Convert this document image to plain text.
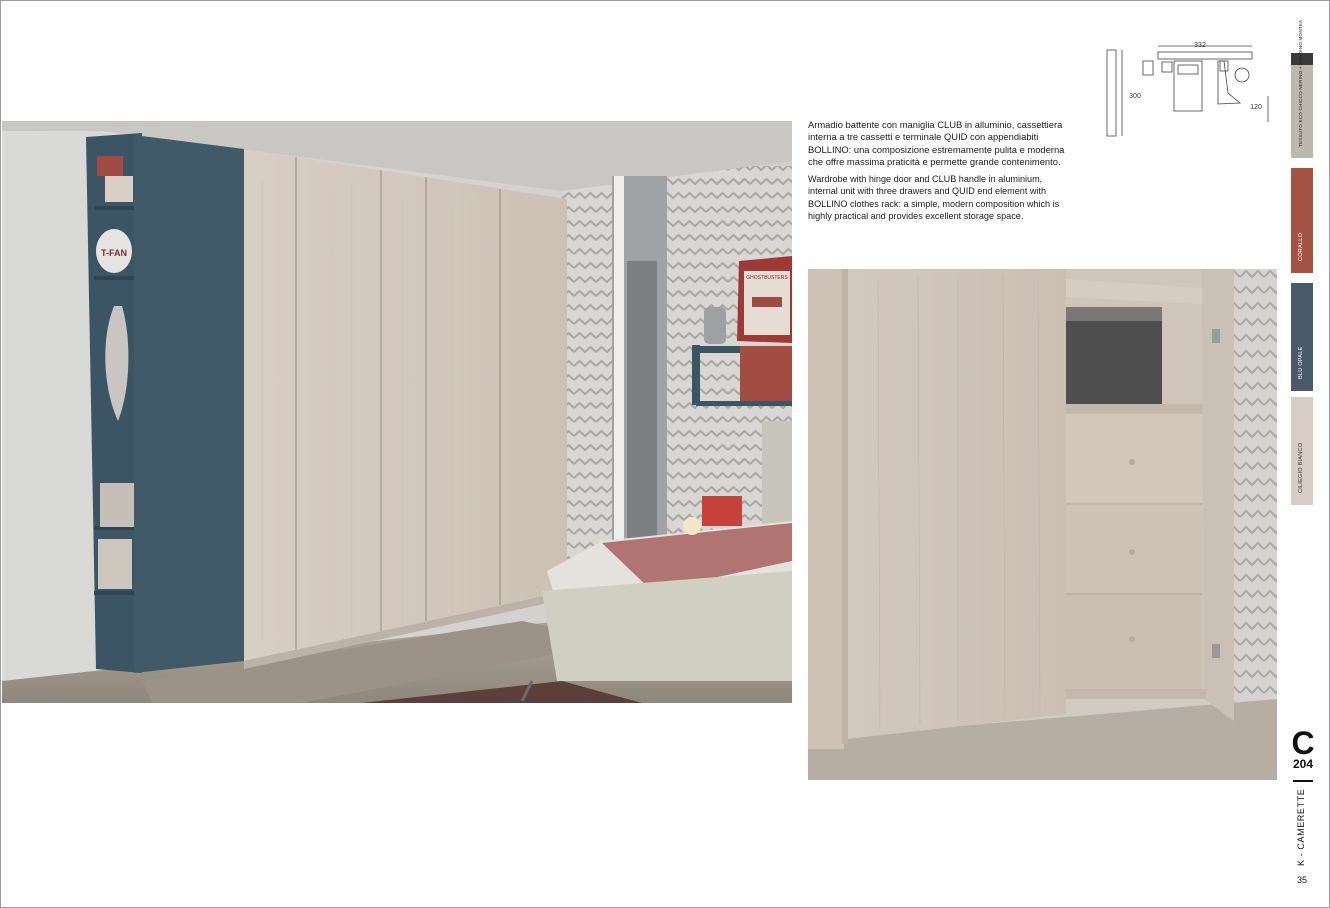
332
300
120

Armadio battente con maniglia CLUB in alluminio, cassettiera interna a tre cassetti e terminale QUID con appendiabiti BOLLINO: una composizione estremamente pulita e moderna che offre massima praticità e permette grande contenimento.

Wardrobe with hinge door and CLUB handle in aluminium, internal unit with three drawers and QUID end element with BOLLINO clothes rack: a simple, modern composition which is highly practical and provides excellent storage space.

T-FAN
GHOSTBUSTERS
TESSUTO ECO CHICCO NERINO + BORDINO MONTEA
CORALLO
BLU OPALE
CILIEGIO BIANCO
C
204
K - CAMERETTE
35
